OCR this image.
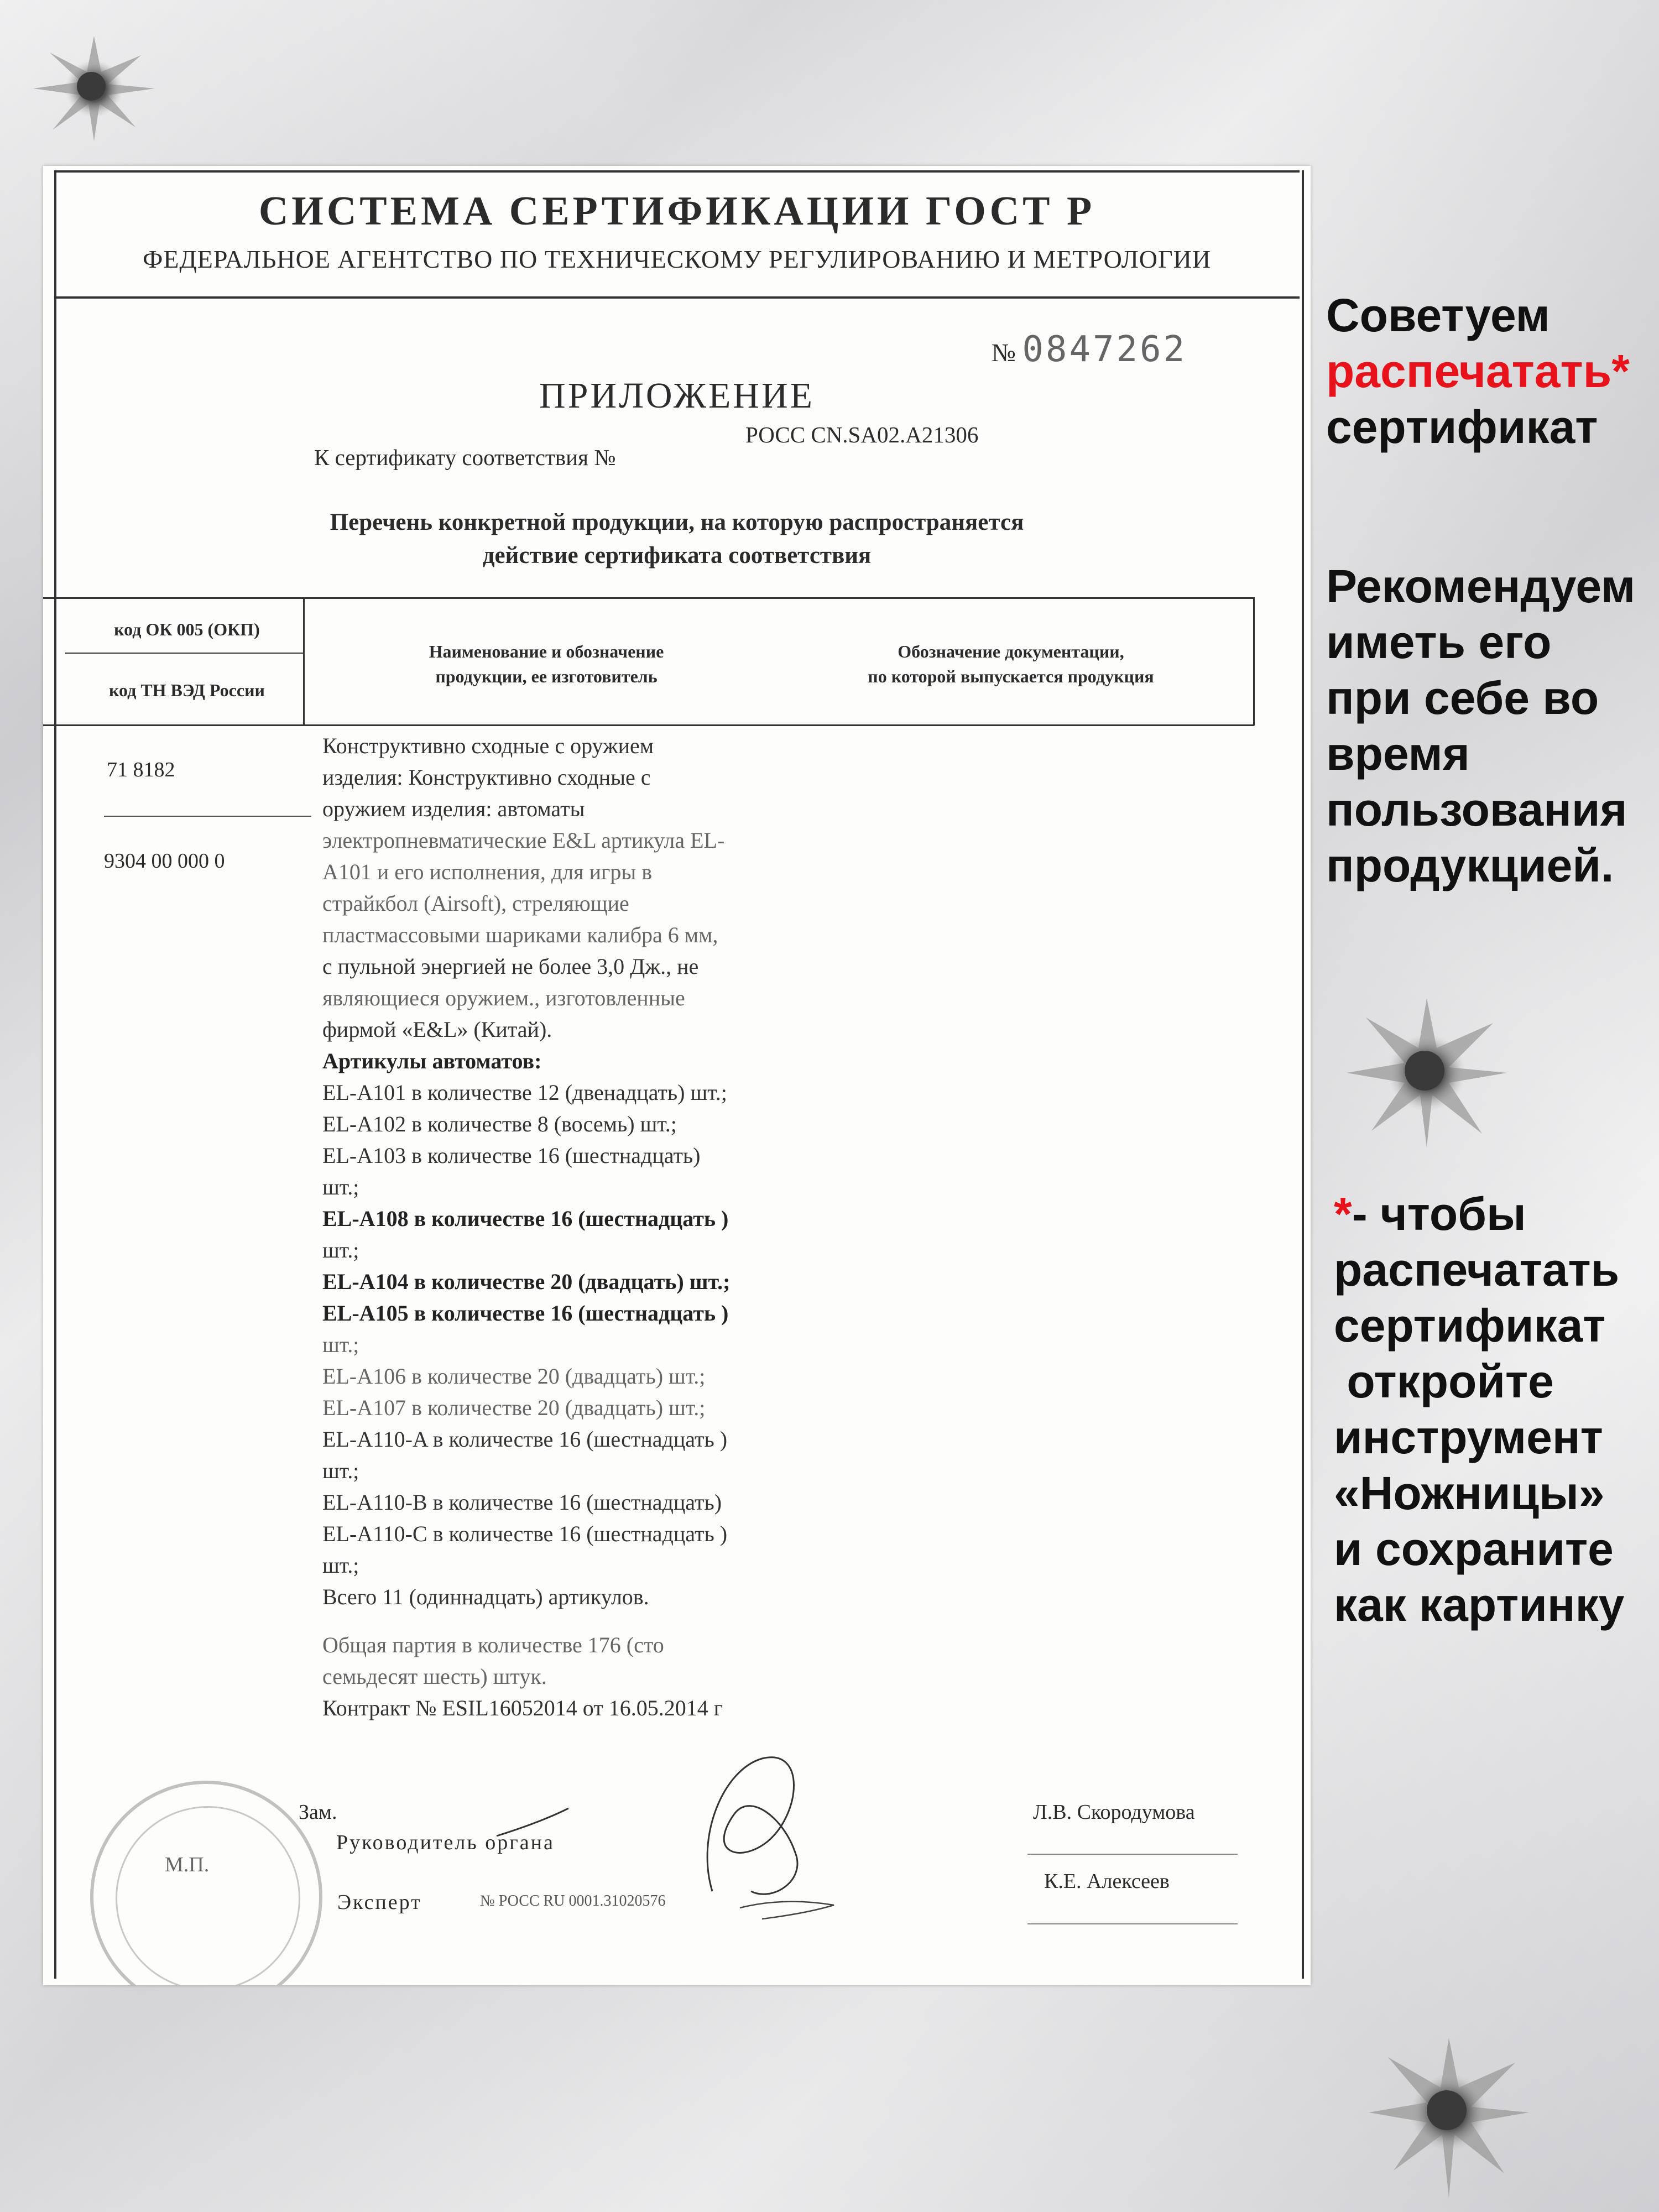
СИСТЕМА СЕРТИФИКАЦИИ ГОСТ Р
ФЕДЕРАЛЬНОЕ АГЕНТСТВО ПО ТЕХНИЧЕСКОМУ РЕГУЛИРОВАНИЮ И МЕТРОЛОГИИ
№ 0847262
ПРИЛОЖЕНИЕ
РОСС CN.SA02.A21306
К сертификату соответствия №
Перечень конкретной продукции, на которую распространяется
действие сертификата соответствия
код ОК 005 (ОКП)
код ТН ВЭД России
Наименование и обозначение
продукции, ее изготовитель
Обозначение документации,
по которой выпускается продукция
71 8182
9304 00 000 0
Конструктивно сходные с оружием
изделия: Конструктивно сходные с
оружием изделия: автоматы
электропневматические E&L артикула EL-
A101 и его исполнения, для игры в
страйкбол (Airsoft), стреляющие
пластмассовыми шариками калибра 6 мм,
с пульной энергией не более 3,0 Дж., не
являющиеся оружием., изготовленные
фирмой «E&L» (Китай).
Артикулы автоматов:
EL-A101 в количестве 12 (двенадцать) шт.;
EL-A102 в количестве 8 (восемь) шт.;
EL-A103 в количестве 16 (шестнадцать)
шт.;
EL-A108 в количестве 16 (шестнадцать )
шт.;
EL-A104 в количестве 20 (двадцать) шт.;
EL-A105 в количестве 16 (шестнадцать )
шт.;
EL-A106 в количестве 20 (двадцать) шт.;
EL-A107 в количестве 20 (двадцать) шт.;
EL-A110-A в количестве 16 (шестнадцать )
шт.;
EL-A110-B в количестве 16 (шестнадцать)
EL-A110-C в количестве 16 (шестнадцать )
шт.;
Всего 11 (одиннадцать) артикулов.
Общая партия в количестве 176 (сто
семьдесят шесть) штук.
Контракт № ESIL16052014 от 16.05.2014 г
М.П.
Зам.
Руководитель органа
Л.В. Скородумова
Эксперт	№ РОСС RU 0001.31020576
К.Е. Алексеев
Советуем
распечатать*
сертификат
Рекомендуем
иметь его
при себе во
время
пользования
продукцией.
*- чтобы
распечатать
сертификат
откройте
инструмент
«Ножницы»
и сохраните
как картинку
